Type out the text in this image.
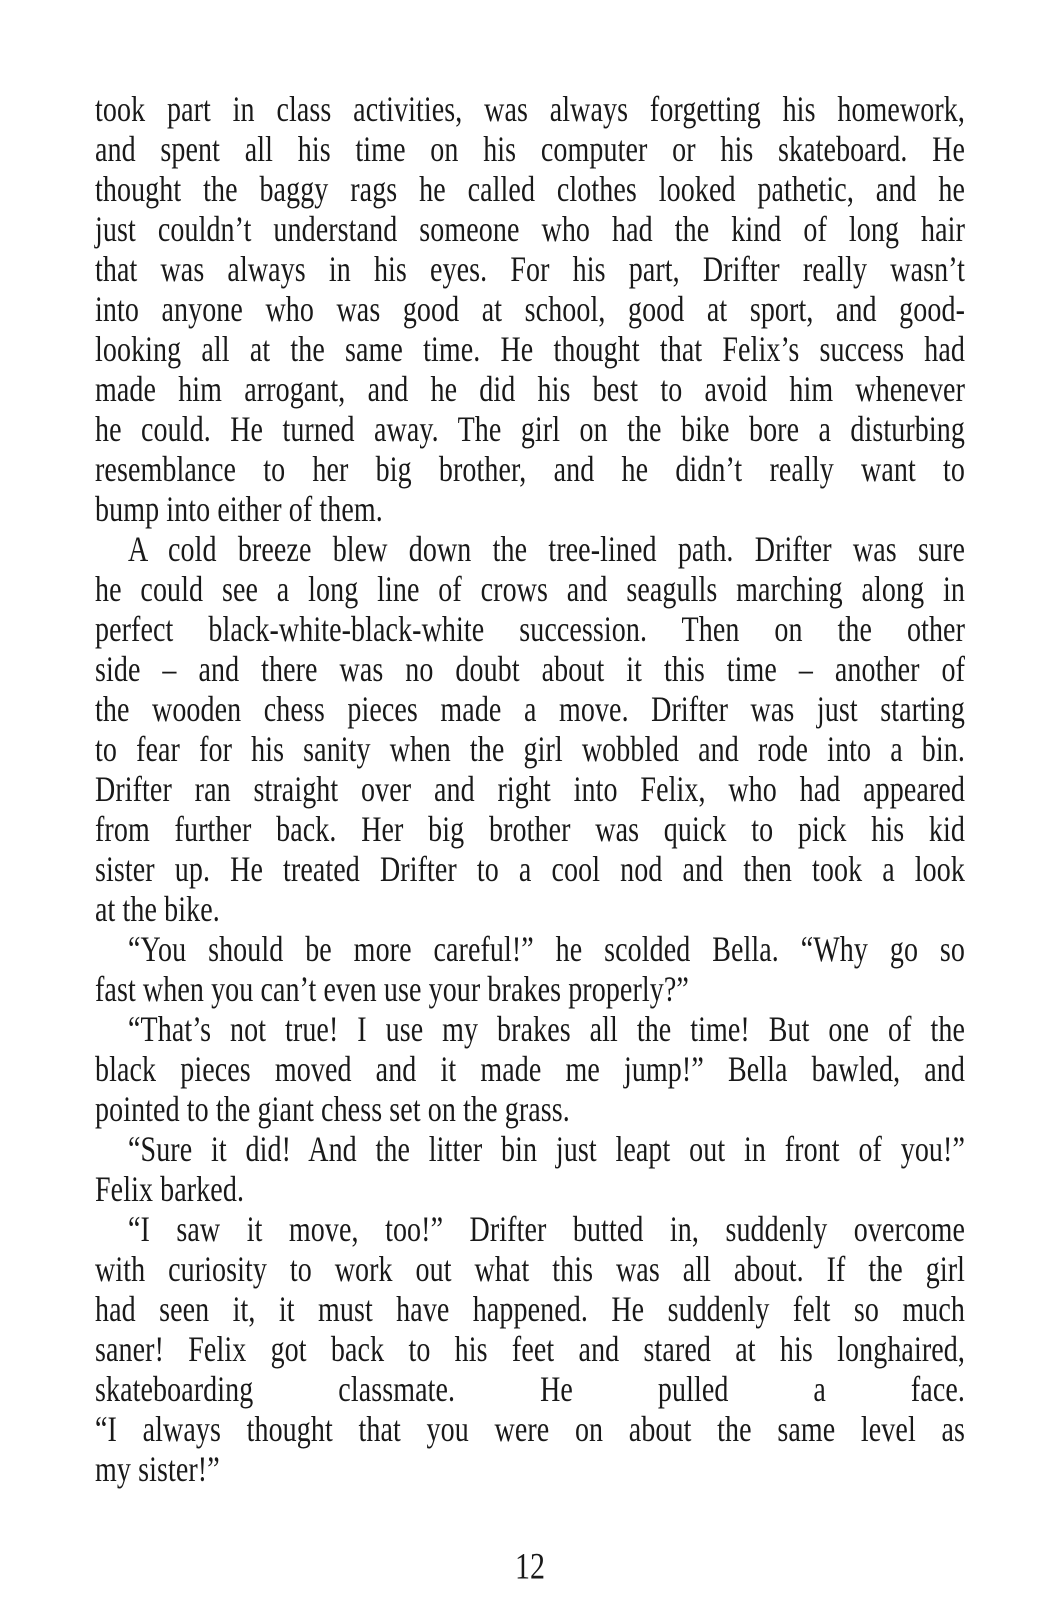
took part in class activities, was always forgetting his homework,
and spent all his time on his computer or his skateboard. He
thought the baggy rags he called clothes looked pathetic, and he
just couldn’t understand someone who had the kind of long hair
that was always in his eyes. For his part, Drifter really wasn’t
into anyone who was good at school, good at sport, and good-
looking all at the same time. He thought that Felix’s success had
made him arrogant, and he did his best to avoid him whenever
he could. He turned away. The girl on the bike bore a disturbing
resemblance to her big brother, and he didn’t really want to
bump into either of them.

A cold breeze blew down the tree-lined path. Drifter was sure
he could see a long line of crows and seagulls marching along in
perfect black-white-black-white succession. Then on the other
side – and there was no doubt about it this time – another of
the wooden chess pieces made a move. Drifter was just starting
to fear for his sanity when the girl wobbled and rode into a bin.
Drifter ran straight over and right into Felix, who had appeared
from further back. Her big brother was quick to pick his kid
sister up. He treated Drifter to a cool nod and then took a look
at the bike.

“You should be more careful!” he scolded Bella. “Why go so
fast when you can’t even use your brakes properly?”

“That’s not true! I use my brakes all the time! But one of the
black pieces moved and it made me jump!” Bella bawled, and
pointed to the giant chess set on the grass.

“Sure it did! And the litter bin just leapt out in front of you!”
Felix barked.

“I saw it move, too!” Drifter butted in, suddenly overcome
with curiosity to work out what this was all about. If the girl
had seen it, it must have happened. He suddenly felt so much
saner! Felix got back to his feet and stared at his longhaired,
skateboarding classmate. He pulled a face.
“I always thought that you were on about the same level as
my sister!”

12
